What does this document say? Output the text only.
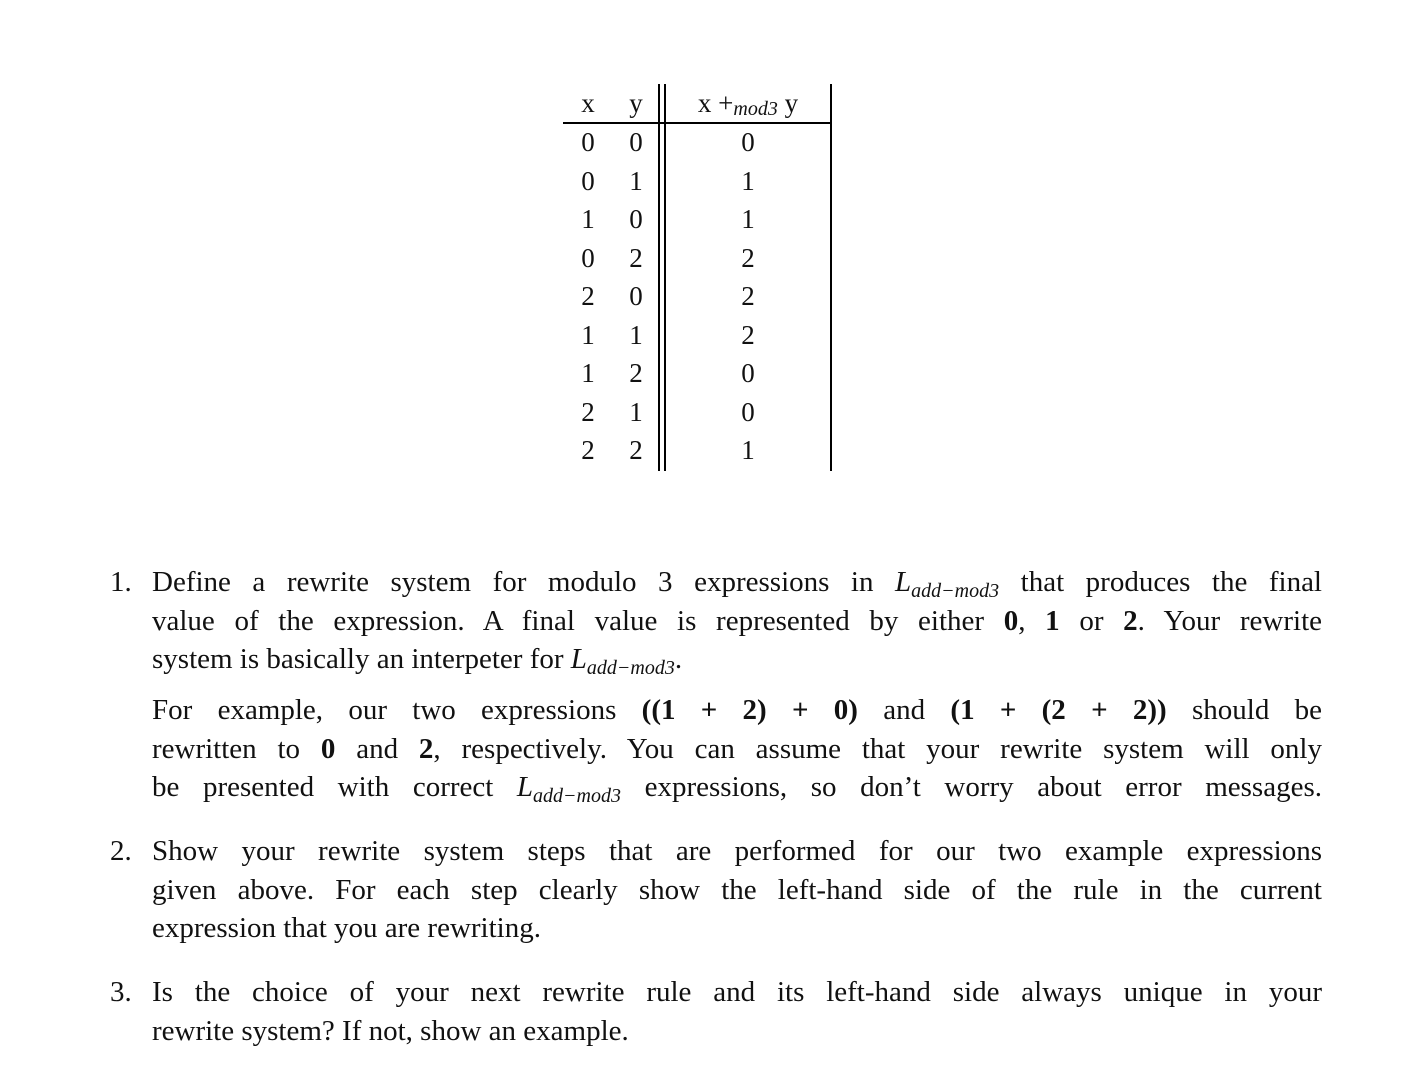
x	y	x +mod3 y
0	0	0
0	1	1
1	0	1
0	2	2
2	0	2
1	1	2
1	2	0
2	1	0
2	2	1
1. Define a rewrite system for modulo 3 expressions in $L_{add-mod3}$ that produces the final
value of the expression. A final value is represented by either 0, 1 or 2. Your rewrite
system is basically an interpeter for $L_{add-mod3}$.
For example, our two expressions ((1 + 2) + 0) and (1 + (2 + 2)) should be
rewritten to 0 and 2, respectively. You can assume that your rewrite system will only
be presented with correct $L_{add-mod3}$ expressions, so don’t worry about error messages.
2. Show your rewrite system steps that are performed for our two example expressions
given above. For each step clearly show the left-hand side of the rule in the current
expression that you are rewriting.
3. Is the choice of your next rewrite rule and its left-hand side always unique in your
rewrite system? If not, show an example.
